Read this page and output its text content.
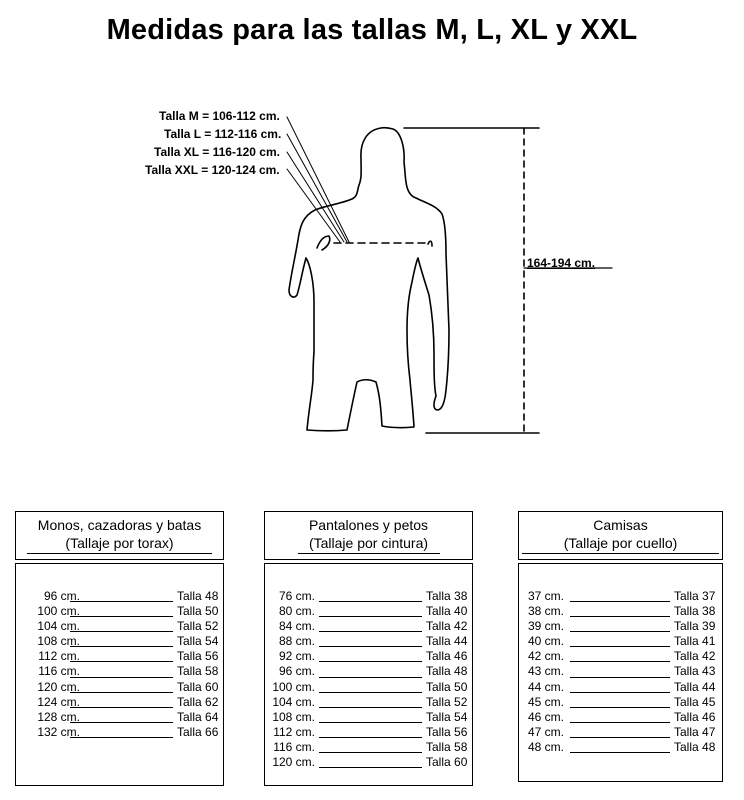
Medidas para las tallas M, L, XL y XXL
Talla M = 106-112 cm.
Talla L = 112-116 cm.
Talla XL = 116-120 cm.
Talla XXL = 120-124 cm.
164-194 cm.
Monos, cazadoras y batas
(Tallaje por torax)
96 cm.	Talla 48
100 cm.	Talla 50
104 cm.	Talla 52
108 cm.	Talla 54
112 cm.	Talla 56
116 cm.	Talla 58
120 cm.	Talla 60
124 cm.	Talla 62
128 cm.	Talla 64
132 cm.	Talla 66
Pantalones y petos
(Tallaje por cintura)
76 cm.	Talla 38
80 cm.	Talla 40
84 cm.	Talla 42
88 cm.	Talla 44
92 cm.	Talla 46
96 cm.	Talla 48
100 cm.	Talla 50
104 cm.	Talla 52
108 cm.	Talla 54
112 cm.	Talla 56
116 cm.	Talla 58
120 cm.	Talla 60
Camisas
(Tallaje por cuello)
37 cm.	Talla 37
38 cm.	Talla 38
39 cm.	Talla 39
40 cm.	Talla 41
42 cm.	Talla 42
43 cm.	Talla 43
44 cm.	Talla 44
45 cm.	Talla 45
46 cm.	Talla 46
47 cm.	Talla 47
48 cm.	Talla 48
